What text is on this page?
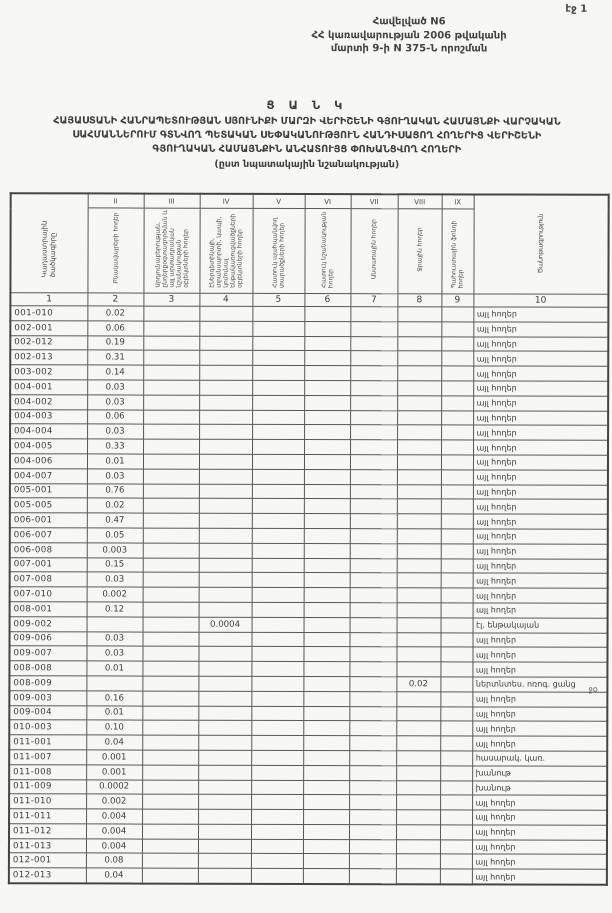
էջ 1
Հավելված N6
ՀՀ կառավարության 2006 թվականի
մարտի 9-ի N 375-Ն որոշման
Ց Ա Ն Կ
ՀԱՅԱՍՏԱՆԻ ՀԱՆՐԱՊԵՏՈՒԹՅԱՆ ՍՅՈՒՆԻՔԻ ՄԱՐԶԻ ՎԵՐԻՇԵՆԻ ԳՅՈՒՂԱԿԱՆ ՀԱՄԱՅՆՔԻ ՎԱՐՉԱԿԱՆ
ՍԱՀՄԱՆՆԵՐՈՒՄ ԳՏՆՎՈՂ ՊԵՏԱԿԱՆ ՍԵՓԱԿԱՆՈՒԹՅՈՒՆ ՀԱՆԴԻՍԱՑՈՂ ՀՈՂԵՐԻՑ ՎԵՐԻՇԵՆԻ
ԳՅՈՒՂԱԿԱՆ ՀԱՄԱՅՆՔԻՆ ԱՆՀԱՏՈՒՅՑ ՓՈԽԱՆՑՎՈՂ ՀՈՂԵՐԻ
(ըստ նպատակային նշանակության)
Կադաստրային ծածկագիրը	II	III	IV	V	VI	VII	VIII	IX	Ծանոթագրություն
	Բնակավայրերի հողեր	Արդյունաբերության, ընդերքօգտագործման և այլ արտադրական նշանակության օբյեկտների հողեր	Էներգետիկայի, տրանսպորտի, կապի, կոմունալ ենթակառուցվածքների օբյեկտների հողեր	Հատուկ պահպանվող տարածքների հողեր	Հատուկ նշանակության հողեր	Անտառային հողեր	Ջրային հողեր	Պահուստային ֆոնդի հողեր	
1	2	3	4	5	6	7	8	9	10
001-010	0.02								այլ հողեր
002-001	0.06								այլ հողեր
002-012	0.19								այլ հողեր
002-013	0.31								այլ հողեր
003-002	0.14								այլ հողեր
004-001	0.03								այլ հողեր
004-002	0.03								այլ հողեր
004-003	0.06								այլ հողեր
004-004	0.03								այլ հողեր
004-005	0.33								այլ հողեր
004-006	0.01								այլ հողեր
004-007	0.03								այլ հողեր
005-001	0.76								այլ հողեր
005-005	0.02								այլ հողեր
006-001	0.47								այլ հողեր
006-007	0.05								այլ հողեր
006-008	0.003								այլ հողեր
007-001	0.15								այլ հողեր
007-008	0.03								այլ հողեր
007-010	0.002								այլ հողեր
008-001	0.12								այլ հողեր
009-002			0.0004						էլ. ենթակայան
009-006	0.03								այլ հողեր
009-007	0.03								այլ հողեր
008-008	0.01								այլ հողեր
008-009							0.02		ներտնտես. ոռոգ. ցանց
009-003	0.16								այլ հողեր
009-004	0.01								այլ հողեր
010-003	0.10								այլ հողեր
011-001	0.04								այլ հողեր
011-007	0.001								հասարակ. կառ.
011-008	0.001								խանութ
011-009	0.0002								խանութ
011-010	0.002								այլ հողեր
011-011	0.004								այլ հողեր
011-012	0.004								այլ հողեր
011-013	0.004								այլ հողեր
012-001	0.08								այլ հողեր
012-013	0.04								այլ հողեր
ջօ
